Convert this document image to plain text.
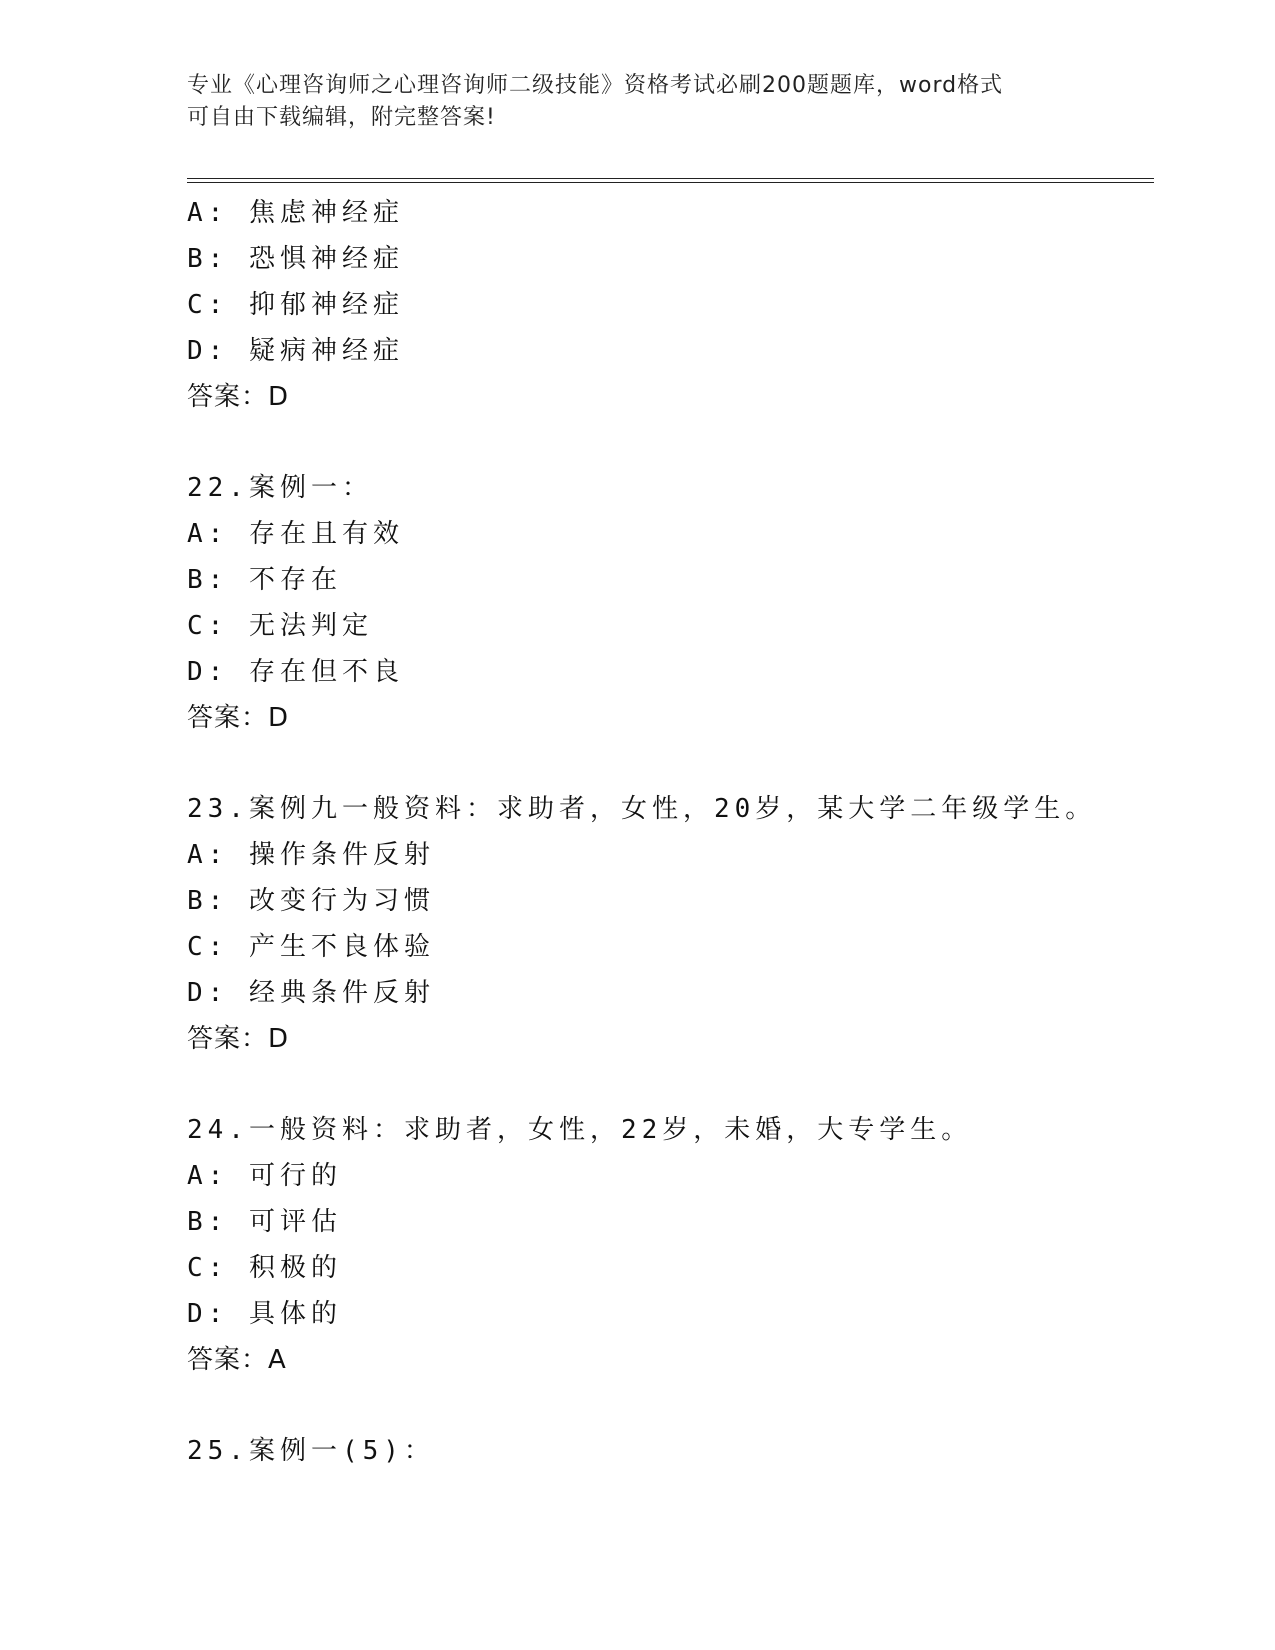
专业《心理咨询师之心理咨询师二级技能》资格考试必刷200题题库，word格式
可自由下载编辑，附完整答案!
A: 焦虑神经症
B: 恐惧神经症
C: 抑郁神经症
D: 疑病神经症
答案：D
22.案例一：
A: 存在且有效
B: 不存在
C: 无法判定
D: 存在但不良
答案：D
23.案例九一般资料：求助者，女性，20岁，某大学二年级学生。
A: 操作条件反射
B: 改变行为习惯
C: 产生不良体验
D: 经典条件反射
答案：D
24.一般资料：求助者，女性，22岁，未婚，大专学生。
A: 可行的
B: 可评估
C: 积极的
D: 具体的
答案：A
25.案例一(5)：
